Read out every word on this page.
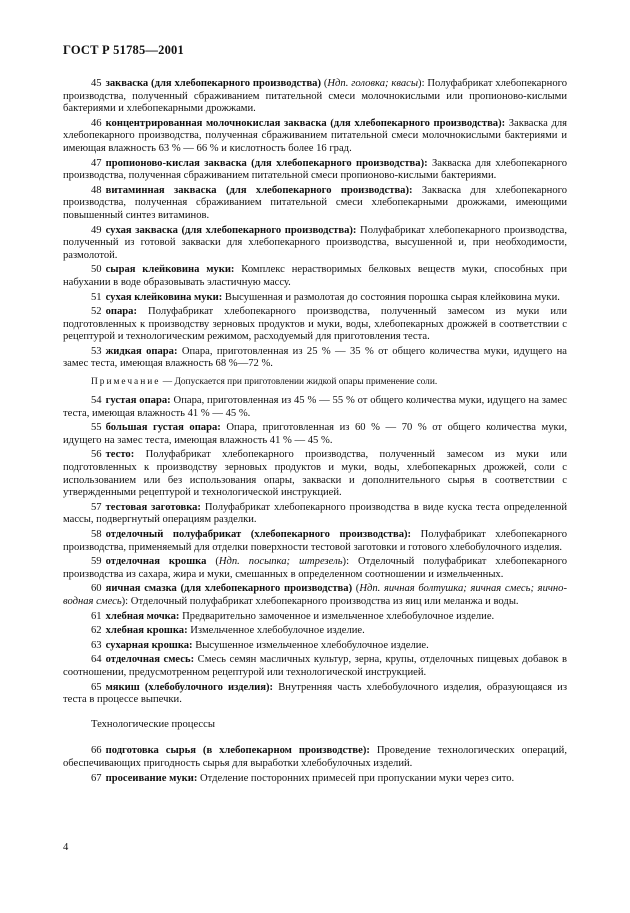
ГОСТ Р 51785—2001

45 закваска (для хлебопекарного производства) (Ндп. головка; квасы): Полуфабрикат хлебопекарного производства, полученный сбраживанием питательной смеси молочнокислыми или пропионово-кислыми бактериями и хлебопекарными дрожжами.

46 концентрированная молочнокислая закваска (для хлебопекарного производства): Закваска для хлебопекарного производства, полученная сбраживанием питательной смеси молочнокислыми бактериями и имеющая влажность 63 % — 66 % и кислотность более 16 град.

47 пропионово-кислая закваска (для хлебопекарного производства): Закваска для хлебопекарного производства, полученная сбраживанием питательной смеси пропионово-кислыми бактериями.

48 витаминная закваска (для хлебопекарного производства): Закваска для хлебопекарного производства, полученная сбраживанием питательной смеси хлебопекарными дрожжами, имеющими повышенный синтез витаминов.

49 сухая закваска (для хлебопекарного производства): Полуфабрикат хлебопекарного производства, полученный из готовой закваски для хлебопекарного производства, высушенной и, при необходимости, размолотой.

50 сырая клейковина муки: Комплекс нерастворимых белковых веществ муки, способных при набухании в воде образовывать эластичную массу.

51 сухая клейковина муки: Высушенная и размолотая до состояния порошка сырая клейковина муки.

52 опара: Полуфабрикат хлебопекарного производства, полученный замесом из муки или подготовленных к производству зерновых продуктов и муки, воды, хлебопекарных дрожжей в соответствии с рецептурой и технологическим режимом, расходуемый для приготовления теста.

53 жидкая опара: Опара, приготовленная из 25 % — 35 % от общего количества муки, идущего на замес теста, имеющая влажность 68 %—72 %.

Примечание — Допускается при приготовлении жидкой опары применение соли.

54 густая опара: Опара, приготовленная из 45 % — 55 % от общего количества муки, идущего на замес теста, имеющая влажность 41 % — 45 %.

55 большая густая опара: Опара, приготовленная из 60 % — 70 % от общего количества муки, идущего на замес теста, имеющая влажность 41 % — 45 %.

56 тесто: Полуфабрикат хлебопекарного производства, полученный замесом из муки или подготовленных к производству зерновых продуктов и муки, воды, хлебопекарных дрожжей, соли с использованием или без использования опары, закваски и дополнительного сырья в соответствии с утвержденными рецептурой и технологической инструкцией.

57 тестовая заготовка: Полуфабрикат хлебопекарного производства в виде куска теста определенной массы, подвергнутый операциям разделки.

58 отделочный полуфабрикат (хлебопекарного производства): Полуфабрикат хлебопекарного производства, применяемый для отделки поверхности тестовой заготовки и готового хлебобулочного изделия.

59 отделочная крошка (Ндп. посыпка; штрезель): Отделочный полуфабрикат хлебопекарного производства из сахара, жира и муки, смешанных в определенном соотношении и измельченных.

60 яичная смазка (для хлебопекарного производства) (Ндп. яичная болтушка; яичная смесь; яично-водная смесь): Отделочный полуфабрикат хлебопекарного производства из яиц или меланжа и воды.

61 хлебная мочка: Предварительно замоченное и измельченное хлебобулочное изделие.

62 хлебная крошка: Измельченное хлебобулочное изделие.

63 сухарная крошка: Высушенное измельченное хлебобулочное изделие.

64 отделочная смесь: Смесь семян масличных культур, зерна, крупы, отделочных пищевых добавок в соотношении, предусмотренном рецептурой или технологической инструкцией.

65 мякиш (хлебобулочного изделия): Внутренняя часть хлебобулочного изделия, образующаяся из теста в процессе выпечки.

Технологические процессы

66 подготовка сырья (в хлебопекарном производстве): Проведение технологических операций, обеспечивающих пригодность сырья для выработки хлебобулочных изделий.

67 просеивание муки: Отделение посторонних примесей при пропускании муки через сито.

4
